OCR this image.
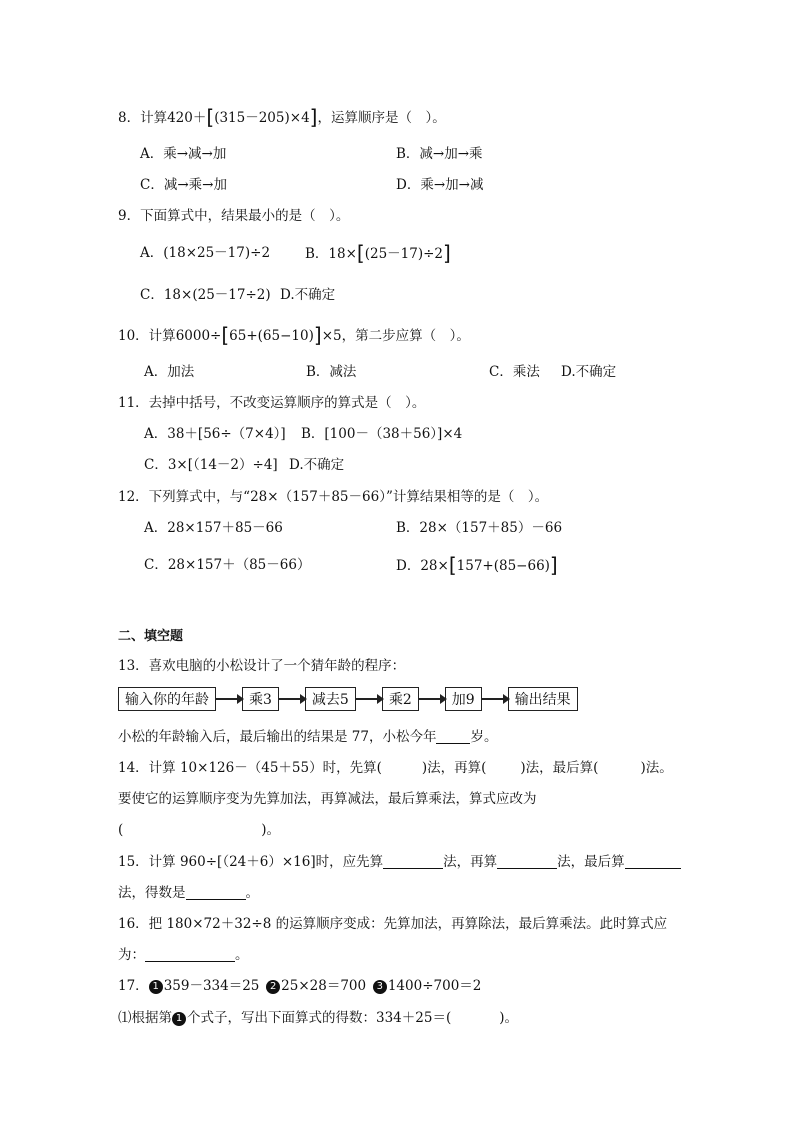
8．计算420＋[(315－205)×4]，运算顺序是（　）。
A．乘→减→加	B．减→加→乘
C．减→乘→加	D．乘→加→减
9．下面算式中，结果最小的是（　）。
A．(18×25－17)÷2	B．18×[(25－17)÷2]
C．18×(25－17÷2) D.不确定
10．计算6000÷[65+(65−10)]×5，第二步应算（　）。
A．加法	B．减法	C．乘法 D.不确定
11．去掉中括号，不改变运算顺序的算式是（　）。
A．38＋[56÷（7×4）] B．[100－（38＋56）]×4
C．3×[（14－2）÷4] D.不确定
12．下列算式中，与“28×（157＋85－66）”计算结果相等的是（　）。
A．28×157＋85－66	B．28×（157＋85）－66
C．28×157＋（85－66）	D．28×[157+(85−66)]
二、填空题
13．喜欢电脑的小松设计了一个猜年龄的程序：
输入你的年龄	乘3	减去5	乘2	加9	输出结果
小松的年龄输入后，最后输出的结果是 77，小松今年	岁。
14．计算 10×126－（45＋55）时，先算(	)法，再算(	)法，最后算(	)法。
要使它的运算顺序变为先算加法，再算减法，最后算乘法，算式应改为
(	)。
15．计算 960÷[（24＋6）×16]时，应先算	法，再算	法，最后算
法，得数是	。
16．把 180×72＋32÷8 的运算顺序变成：先算加法，再算除法，最后算乘法。此时算式应
为：	。
17． 1 359－334＝25  2 25×28＝700  3 1400÷700＝2
⑴根据第 1 个式子，写出下面算式的得数：334＋25＝(	)。
